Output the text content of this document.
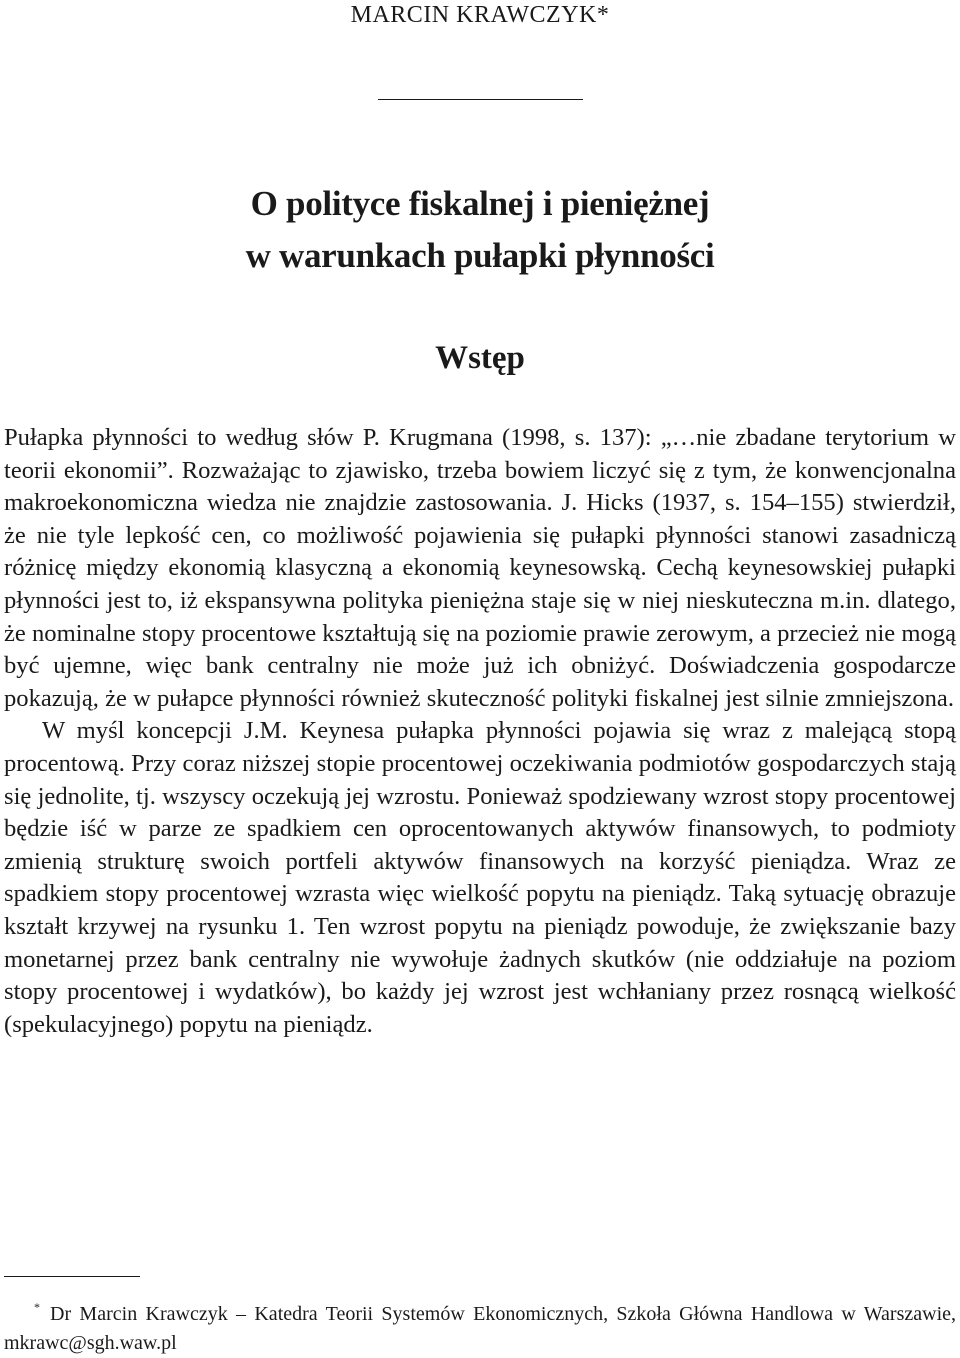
MARCIN KRAWCZYK*
O polityce fiskalnej i pieniężnej
w warunkach pułapki płynności
Wstęp

Pułapka płynności to według słów P. Krugmana (1998, s. 137): „…nie zbadane terytorium w teorii ekonomii”. Rozważając to zjawisko, trzeba bowiem liczyć się z tym, że konwencjonalna makroekonomiczna wiedza nie znajdzie zastosowania. J. Hicks (1937, s. 154–155) stwierdził, że nie tyle lepkość cen, co możliwość pojawienia się pułapki płynności stanowi zasadniczą różnicę między ekonomią klasyczną a ekonomią keynesowską. Cechą keynesowskiej pułapki płynności jest to, iż ekspansywna polityka pieniężna staje się w niej nieskuteczna m.in. dlatego, że nominalne stopy procentowe kształtują się na poziomie prawie zerowym, a przecież nie mogą być ujemne, więc bank centralny nie może już ich obniżyć. Doświadczenia gospodarcze pokazują, że w pułapce płynności również skuteczność polityki fiskalnej jest silnie zmniejszona.

W myśl koncepcji J.M. Keynesa pułapka płynności pojawia się wraz z malejącą stopą procentową. Przy coraz niższej stopie procentowej oczekiwania podmiotów gospodarczych stają się jednolite, tj. wszyscy oczekują jej wzrostu. Ponieważ spodziewany wzrost stopy procentowej będzie iść w parze ze spadkiem cen oprocentowanych aktywów finansowych, to podmioty zmienią strukturę swoich portfeli aktywów finansowych na korzyść pieniądza. Wraz ze spadkiem stopy procentowej wzrasta więc wielkość popytu na pieniądz. Taką sytuację obrazuje kształt krzywej na rysunku 1. Ten wzrost popytu na pieniądz powoduje, że zwiększanie bazy monetarnej przez bank centralny nie wywołuje żadnych skutków (nie oddziałuje na poziom stopy procentowej i wydatków), bo każdy jej wzrost jest wchłaniany przez rosnącą wielkość (spekulacyjnego) popytu na pieniądz.

* Dr Marcin Krawczyk – Katedra Teorii Systemów Ekonomicznych, Szkoła Główna Handlowa w Warszawie, mkrawc@sgh.waw.pl
